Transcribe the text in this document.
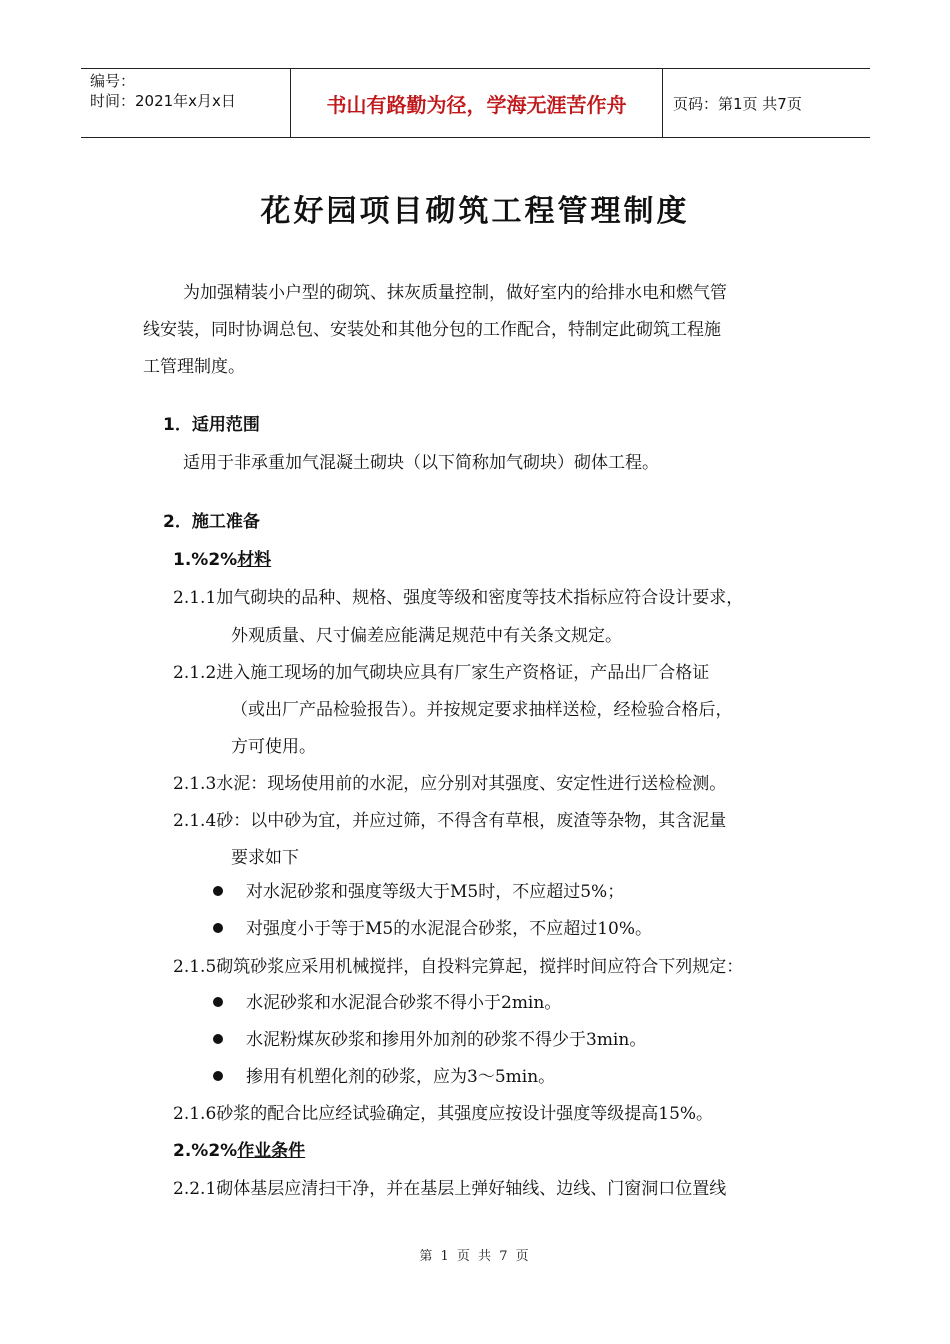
编号：
时间：2021年x月x日	书山有路勤为径，学海无涯苦作舟	页码：第1页 共7页
花好园项目砌筑工程管理制度
为加强精装小户型的砌筑、抹灰质量控制，做好室内的给排水电和燃气管
线安装，同时协调总包、安装处和其他分包的工作配合，特制定此砌筑工程施
工管理制度。
1．适用范围
适用于非承重加气混凝土砌块（以下简称加气砌块）砌体工程。
2．施工准备
1.%2%材料
2.1.1加气砌块的品种、规格、强度等级和密度等技术指标应符合设计要求，
外观质量、尺寸偏差应能满足规范中有关条文规定。
2.1.2进入施工现场的加气砌块应具有厂家生产资格证，产品出厂合格证
（或出厂产品检验报告）。并按规定要求抽样送检，经检验合格后，
方可使用。
2.1.3水泥：现场使用前的水泥，应分别对其强度、安定性进行送检检测。
2.1.4砂：以中砂为宜，并应过筛，不得含有草根，废渣等杂物，其含泥量
要求如下
对水泥砂浆和强度等级大于M5时，不应超过5%；
对强度小于等于M5的水泥混合砂浆，不应超过10%。
2.1.5砌筑砂浆应采用机械搅拌，自投料完算起，搅拌时间应符合下列规定：
水泥砂浆和水泥混合砂浆不得小于2min。
水泥粉煤灰砂浆和掺用外加剂的砂浆不得少于3min。
掺用有机塑化剂的砂浆，应为3～5min。
2.1.6砂浆的配合比应经试验确定，其强度应按设计强度等级提高15%。
2.%2%作业条件
2.2.1砌体基层应清扫干净，并在基层上弹好轴线、边线、门窗洞口位置线
第 1 页 共 7 页
